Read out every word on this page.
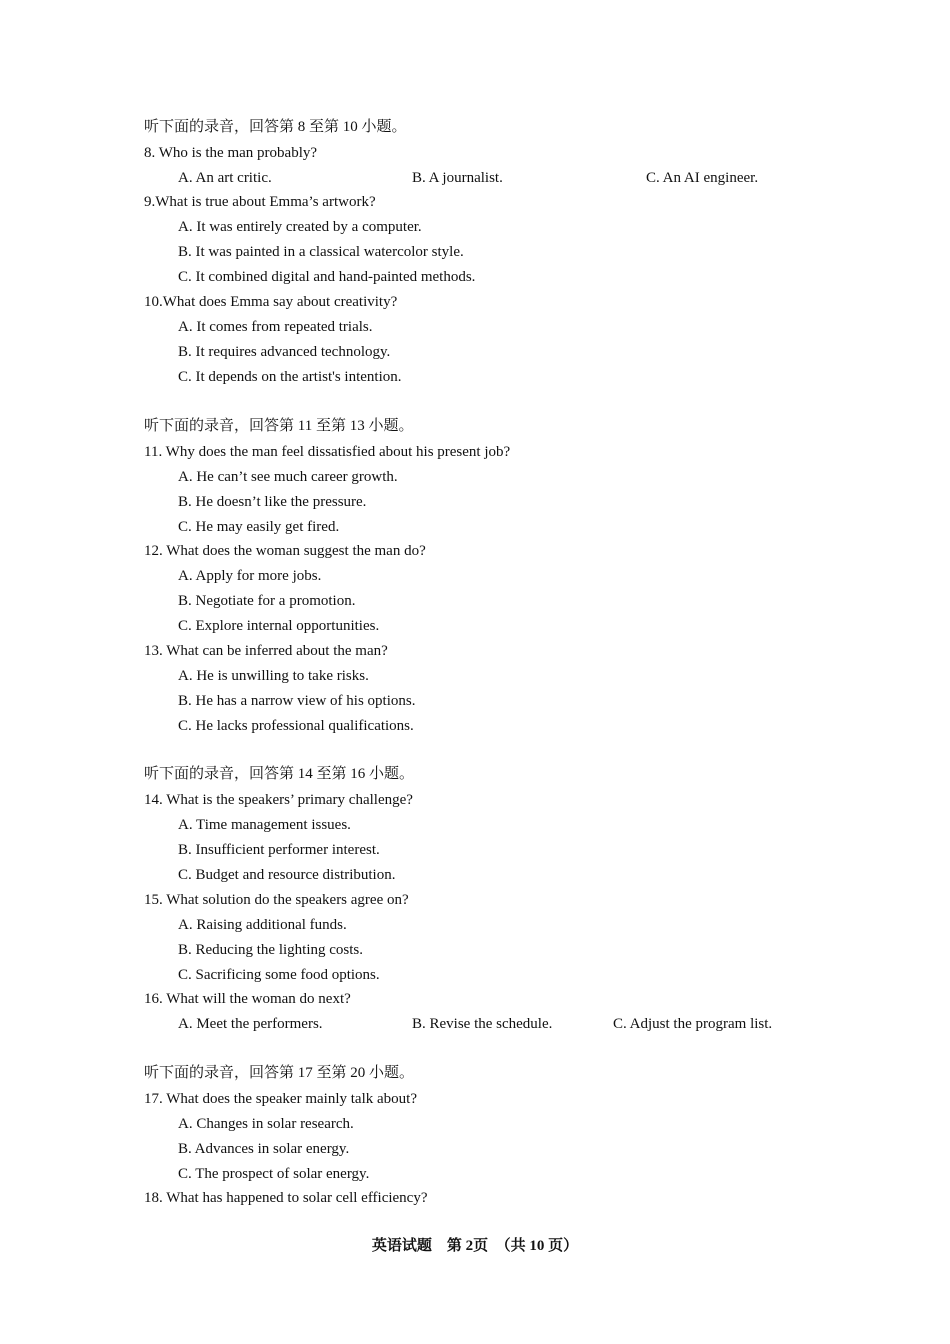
听下面的录音，回答第 8 至第 10 小题。
8. Who is the man probably?
A. An art critic.	B. A journalist.	C. An AI engineer.
9.What is true about Emma’s artwork?
A. It was entirely created by a computer.
B. It was painted in a classical watercolor style.
C. It combined digital and hand-painted methods.
10.What does Emma say about creativity?
A. It comes from repeated trials.
B. It requires advanced technology.
C. It depends on the artist's intention.
听下面的录音，回答第 11 至第 13 小题。
11. Why does the man feel dissatisfied about his present job?
A. He can’t see much career growth.
B. He doesn’t like the pressure.
C. He may easily get fired.
12. What does the woman suggest the man do?
A. Apply for more jobs.
B. Negotiate for a promotion.
C. Explore internal opportunities.
13. What can be inferred about the man?
A. He is unwilling to take risks.
B. He has a narrow view of his options.
C. He lacks professional qualifications.
听下面的录音，回答第 14 至第 16 小题。
14. What is the speakers’ primary challenge?
A. Time management issues.
B. Insufficient performer interest.
C. Budget and resource distribution.
15. What solution do the speakers agree on?
A. Raising additional funds.
B. Reducing the lighting costs.
C. Sacrificing some food options.
16. What will the woman do next?
A. Meet the performers.	B. Revise the schedule.	C. Adjust the program list.
听下面的录音，回答第 17 至第 20 小题。
17. What does the speaker mainly talk about?
A. Changes in solar research.
B. Advances in solar energy.
C. The prospect of solar energy.
18. What has happened to solar cell efficiency?
英语试题　第 2页　（共 10 页）
